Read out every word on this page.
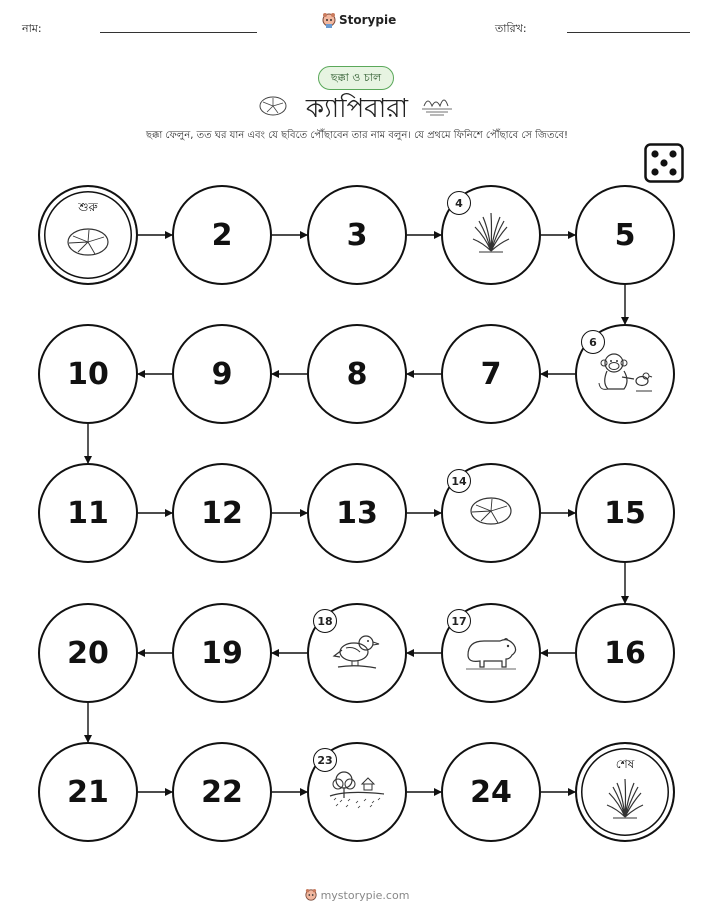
নাম:
Storypie
তারিখ:
ছক্কা ও চাল
ক্যাপিবারা
ছক্কা ফেলুন, তত ঘর যান এবং যে ছবিতে পৌঁছাবেন তার নাম বলুন। যে প্রথমে ফিনিশে পৌঁছাবে সে জিতবে!
শুরু
2	3
4
5
6
7
8
9
10
11	12	13
14
15
16
17
18
19
20
21	22
23
24
শেষ
mystorypie.com
